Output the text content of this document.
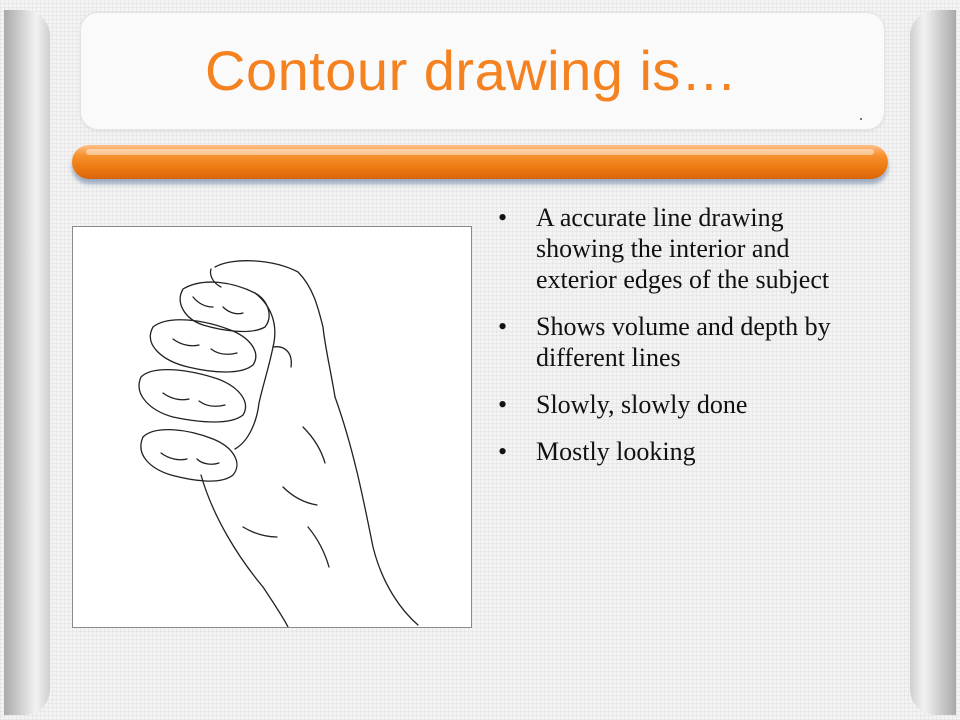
Contour drawing is…
• A accurate line drawing showing the interior and exterior edges of the subject
• Shows volume and depth by different lines
• Slowly, slowly done
• Mostly looking
